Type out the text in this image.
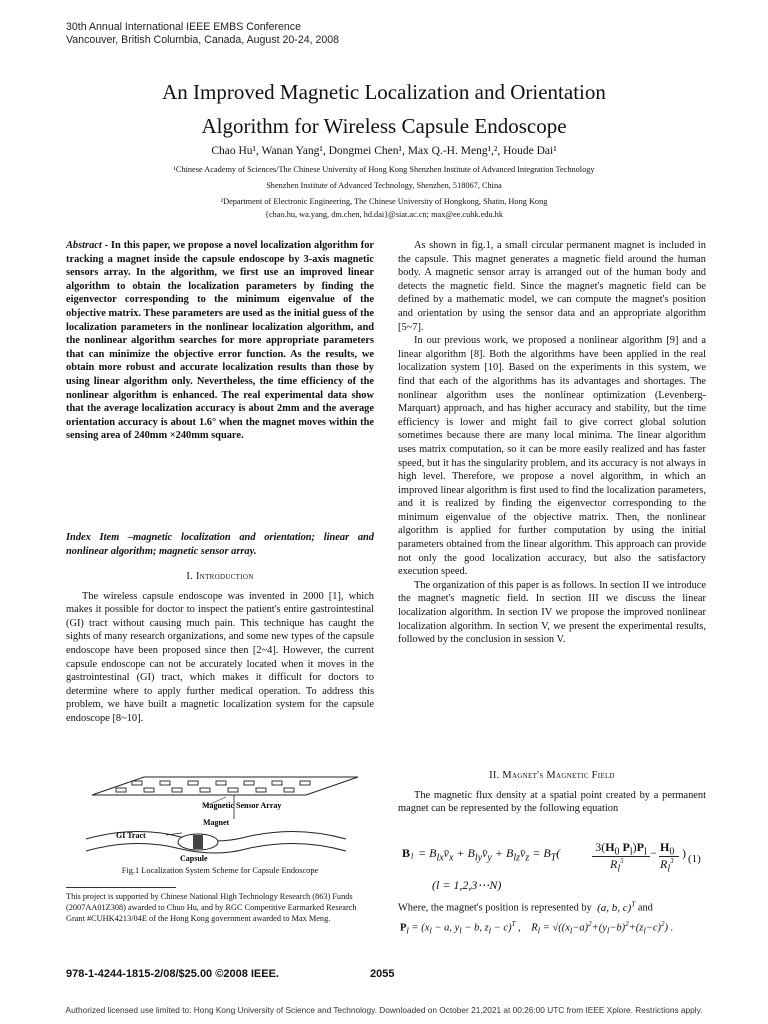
30th Annual International IEEE EMBS Conference
Vancouver, British Columbia, Canada, August 20-24, 2008
An Improved Magnetic Localization and Orientation
Algorithm for Wireless Capsule Endoscope
Chao Hu¹, Wanan Yang¹, Dongmei Chen¹, Max Q.-H. Meng¹,², Houde Dai¹
¹Chinese Academy of Sciences/The Chinese University of Hong Kong Shenzhen Institute of Advanced Integration Technology
Shenzhen Institute of Advanced Technology, Shenzhen, 518067, China
²Department of Electronic Engineering, The Chinese University of Hongkong, Shatin, Hong Kong
{chao.hu, wa.yang, dm.chen, hd.dai}@siat.ac.cn; max@ee.cuhk.edu.hk
Abstract - In this paper, we propose a novel localization algorithm for tracking a magnet inside the capsule endoscope by 3-axis magnetic sensors array. In the algorithm, we first use an improved linear algorithm to obtain the localization parameters by finding the eigenvector corresponding to the minimum eigenvalue of the objective matrix. These parameters are used as the initial guess of the localization parameters in the nonlinear localization algorithm, and the nonlinear algorithm searches for more appropriate parameters that can minimize the objective error function. As the results, we obtain more robust and accurate localization results than those by using linear algorithm only. Nevertheless, the time efficiency of the nonlinear algorithm is enhanced. The real experimental data show that the average localization accuracy is about 2mm and the average orientation accuracy is about 1.6° when the magnet moves within the sensing area of 240mm ×240mm square.
Index Item –magnetic localization and orientation; linear and nonlinear algorithm; magnetic sensor array.
I. Introduction

The wireless capsule endoscope was invented in 2000 [1], which makes it possible for doctor to inspect the patient's entire gastrointestinal (GI) tract without causing much pain. This technique has caught the sights of many research organizations, and some new types of the capsule endoscope have been proposed since then [2~4]. However, the current capsule endoscope can not be accurately located when it moves in the gastrointestinal (GI) tract, which makes it difficult for doctors to determine where to apply further medical operation. To address this problem, we have built a magnetic localization system for the capsule endoscope [8~10].

Magnetic Sensor Array
Magnet
GI Tract
Capsule
Fig.1 Localization System Scheme for Capsule Endoscope
This project is supported by Chinese National High Technology Research (863) Funds (2007AA01Z308) awarded to Chuo Hu, and by RGC Competitive Earmarked Research Grant #CUHK4213/04E of the Hong Kong government awarded to Max Meng.

As shown in fig.1, a small circular permanent magnet is included in the capsule. This magnet generates a magnetic field around the human body. A magnetic sensor array is arranged out of the human body and detects the magnetic field. Since the magnet's magnetic field can be defined by a mathematic model, we can compute the magnet's position and orientation by using the sensor data and an appropriate algorithm [5~7].

In our previous work, we proposed a nonlinear algorithm [9] and a linear algorithm [8]. Both the algorithms have been applied in the real localization system [10]. Based on the experiments in this system, we find that each of the algorithms has its advantages and shortages. The nonlinear algorithm uses the nonlinear optimization (Levenberg-Marquart) approach, and has higher accuracy and stability, but the time efficiency is lower and might fail to give correct global solution sometimes because there are many local minima. The linear algorithm uses matrix computation, so it can be more easily realized and has faster speed, but it has the singularity problem, and its accuracy is not always in high level. Therefore, we propose a novel algorithm, in which an improved linear algorithm is first used to find the localization parameters, and it is realized by finding the eigenvector corresponding to the minimum eigenvalue of the objective matrix. Then, the nonlinear algorithm is applied for further computation by using the initial parameters obtained from the linear algorithm. This approach can provide not only the good localization accuracy, but also the satisfactory execution speed.

The organization of this paper is as follows. In section II we introduce the magnet's magnetic field. In section III we discuss the linear localization algorithm. In section IV we propose the improved nonlinear localization algorithm. In section V, we present the experimental results, followed by the conclusion in session V.

II. Magnet's Magnetic Field

The magnetic flux density at a spatial point created by a permanent magnet can be represented by the following equation

B $l = B_{lx}v̄_x$ + $B_{ly}v̄_y$ + $B_{lz}v̄_z = B_T$(	$3(H_0$ $P_l)P_l$
$R_l^5$
− $H_0$
$R_l^3$
) (1)
(l = 1,2,3⋯N)
Where, the magnet's position is represented by  (a, b, c)$^T$ and
$P_l = (x_l - a$, $y_l - b$, $z_l - c)^T$ ,    $R_l = √((x_l-a)^2+(y_l-b)^2+(z_l-c)^2)$ .
978-1-4244-1815-2/08/$25.00 ©2008 IEEE.	2055
Authorized licensed use limited to: Hong Kong University of Science and Technology. Downloaded on October 21,2021 at 00:26:00 UTC from IEEE Xplore. Restrictions apply.
